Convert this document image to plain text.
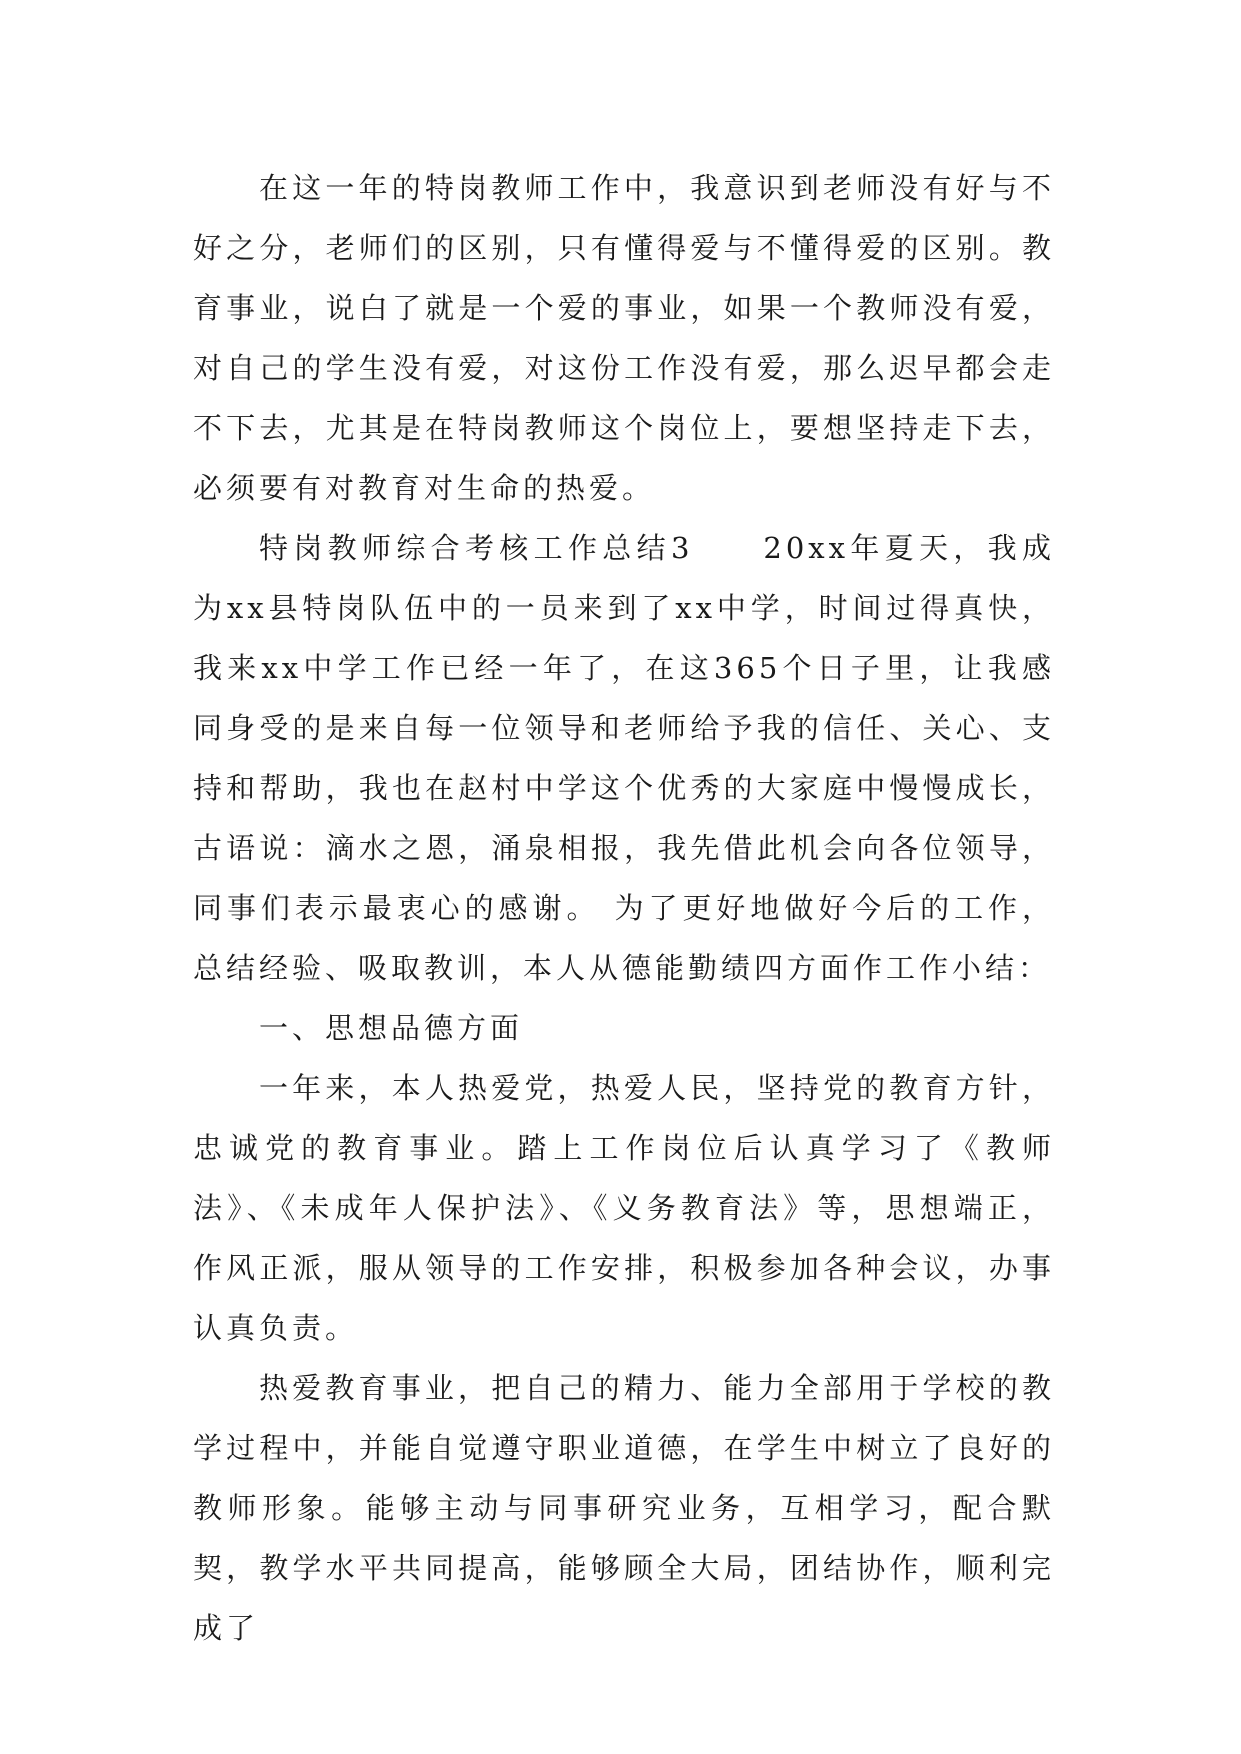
在这一年的特岗教师工作中，我意识到老师没有好与不好之分，老师们的区别，只有懂得爱与不懂得爱的区别。教育事业，说白了就是一个爱的事业，如果一个教师没有爱，对自己的学生没有爱，对这份工作没有爱，那么迟早都会走不下去，尤其是在特岗教师这个岗位上，要想坚持走下去，必须要有对教育对生命的热爱。

特岗教师综合考核工作总结3　　20xx年夏天，我成为xx县特岗队伍中的一员来到了xx中学，时间过得真快，我来xx中学工作已经一年了，在这365个日子里，让我感同身受的是来自每一位领导和老师给予我的信任、关心、支持和帮助，我也在赵村中学这个优秀的大家庭中慢慢成长，古语说：滴水之恩，涌泉相报，我先借此机会向各位领导，同事们表示最衷心的感谢。 为了更好地做好今后的工作，总结经验、吸取教训，本人从德能勤绩四方面作工作小结：

一、思想品德方面

一年来，本人热爱党，热爱人民，坚持党的教育方针，忠诚党的教育事业。踏上工作岗位后认真学习了《教师法》、《未成年人保护法》、《义务教育法》等，思想端正，作风正派，服从领导的工作安排，积极参加各种会议，办事认真负责。

热爱教育事业，把自己的精力、能力全部用于学校的教学过程中，并能自觉遵守职业道德，在学生中树立了良好的教师形象。能够主动与同事研究业务，互相学习，配合默契，教学水平共同提高，能够顾全大局，团结协作，顺利完成了
